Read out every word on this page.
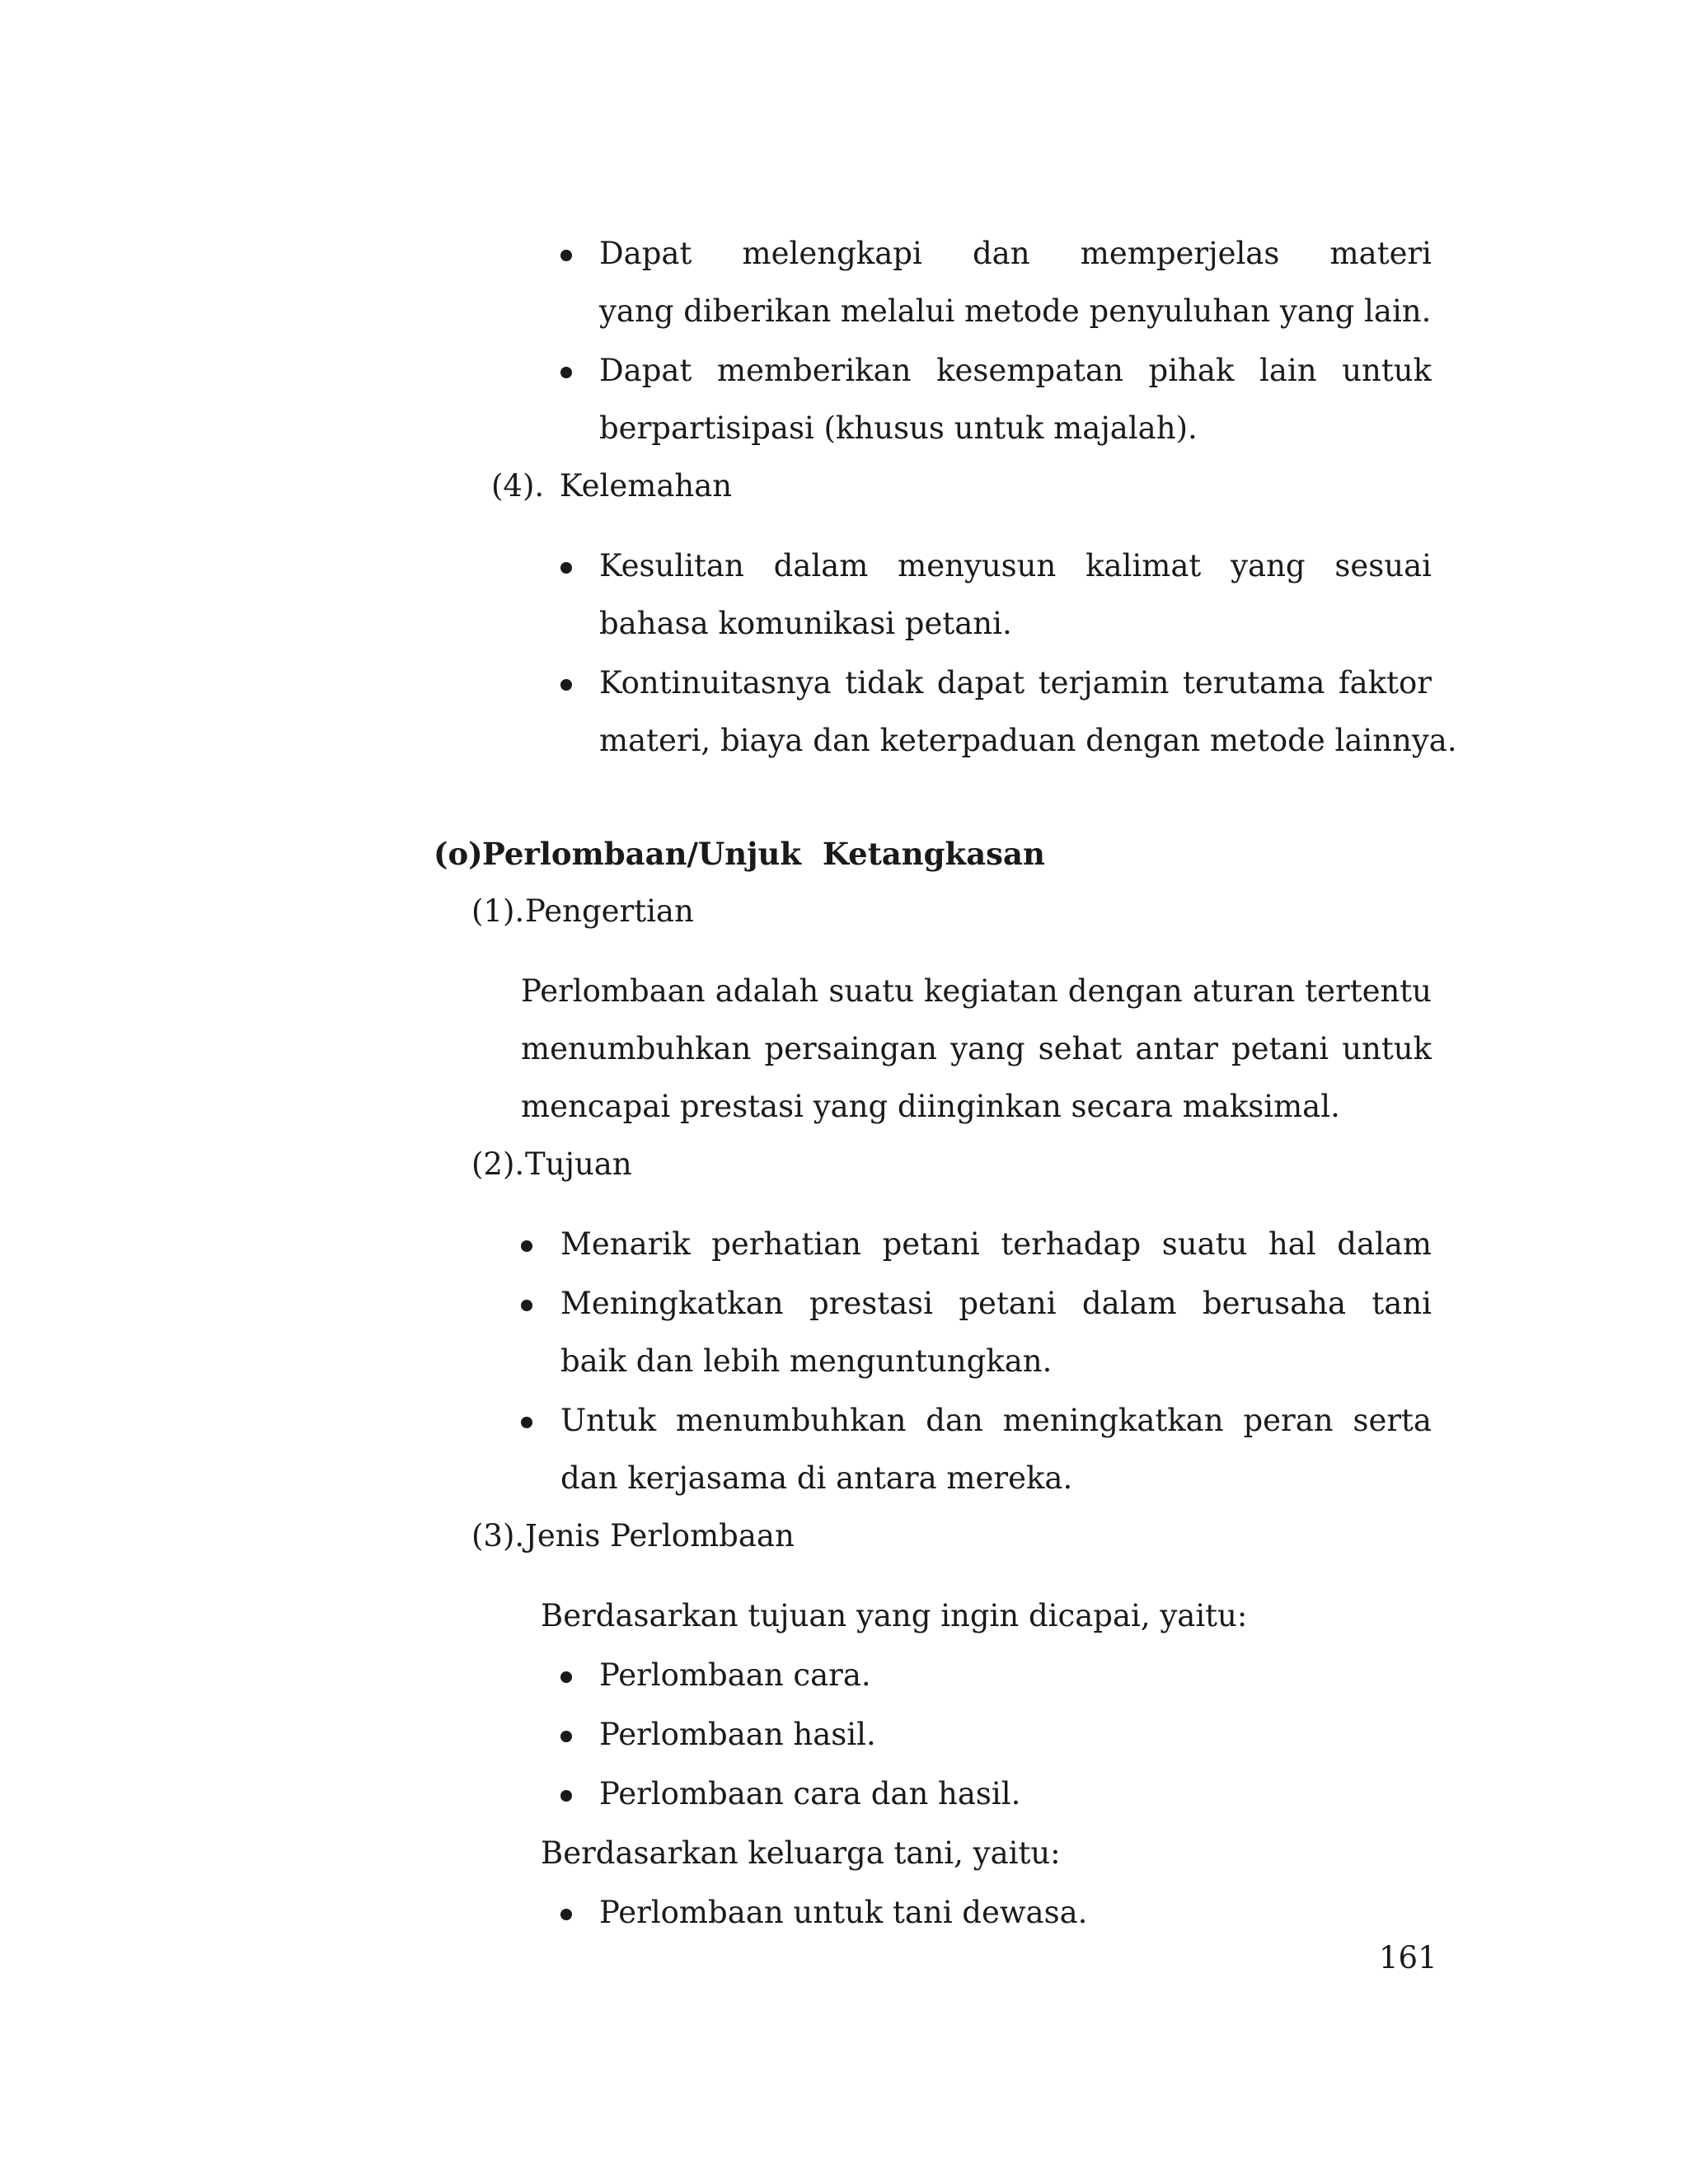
Dapat melengkapi dan memperjelas materi
yang diberikan melalui metode penyuluhan yang lain.
Dapat memberikan kesempatan pihak lain untuk
berpartisipasi (khusus untuk majalah).
(4). Kelemahan
Kesulitan dalam menyusun kalimat yang sesuai
bahasa komunikasi petani.
Kontinuitasnya tidak dapat terjamin terutama faktor
materi, biaya dan keterpaduan dengan metode lainnya.
(o) Perlombaan/Unjuk  Ketangkasan
(1). Pengertian
Perlombaan adalah suatu kegiatan dengan aturan tertentu
menumbuhkan persaingan yang sehat antar petani untuk
mencapai prestasi yang diinginkan secara maksimal.
(2). Tujuan
Menarik perhatian petani terhadap suatu hal dalam
Meningkatkan prestasi petani dalam berusaha tani
baik dan lebih menguntungkan.
Untuk menumbuhkan dan meningkatkan peran serta
dan kerjasama di antara mereka.
(3). Jenis Perlombaan
Berdasarkan tujuan yang ingin dicapai, yaitu:
Perlombaan cara.
Perlombaan hasil.
Perlombaan cara dan hasil.
Berdasarkan keluarga tani, yaitu:
Perlombaan untuk tani dewasa.
161
